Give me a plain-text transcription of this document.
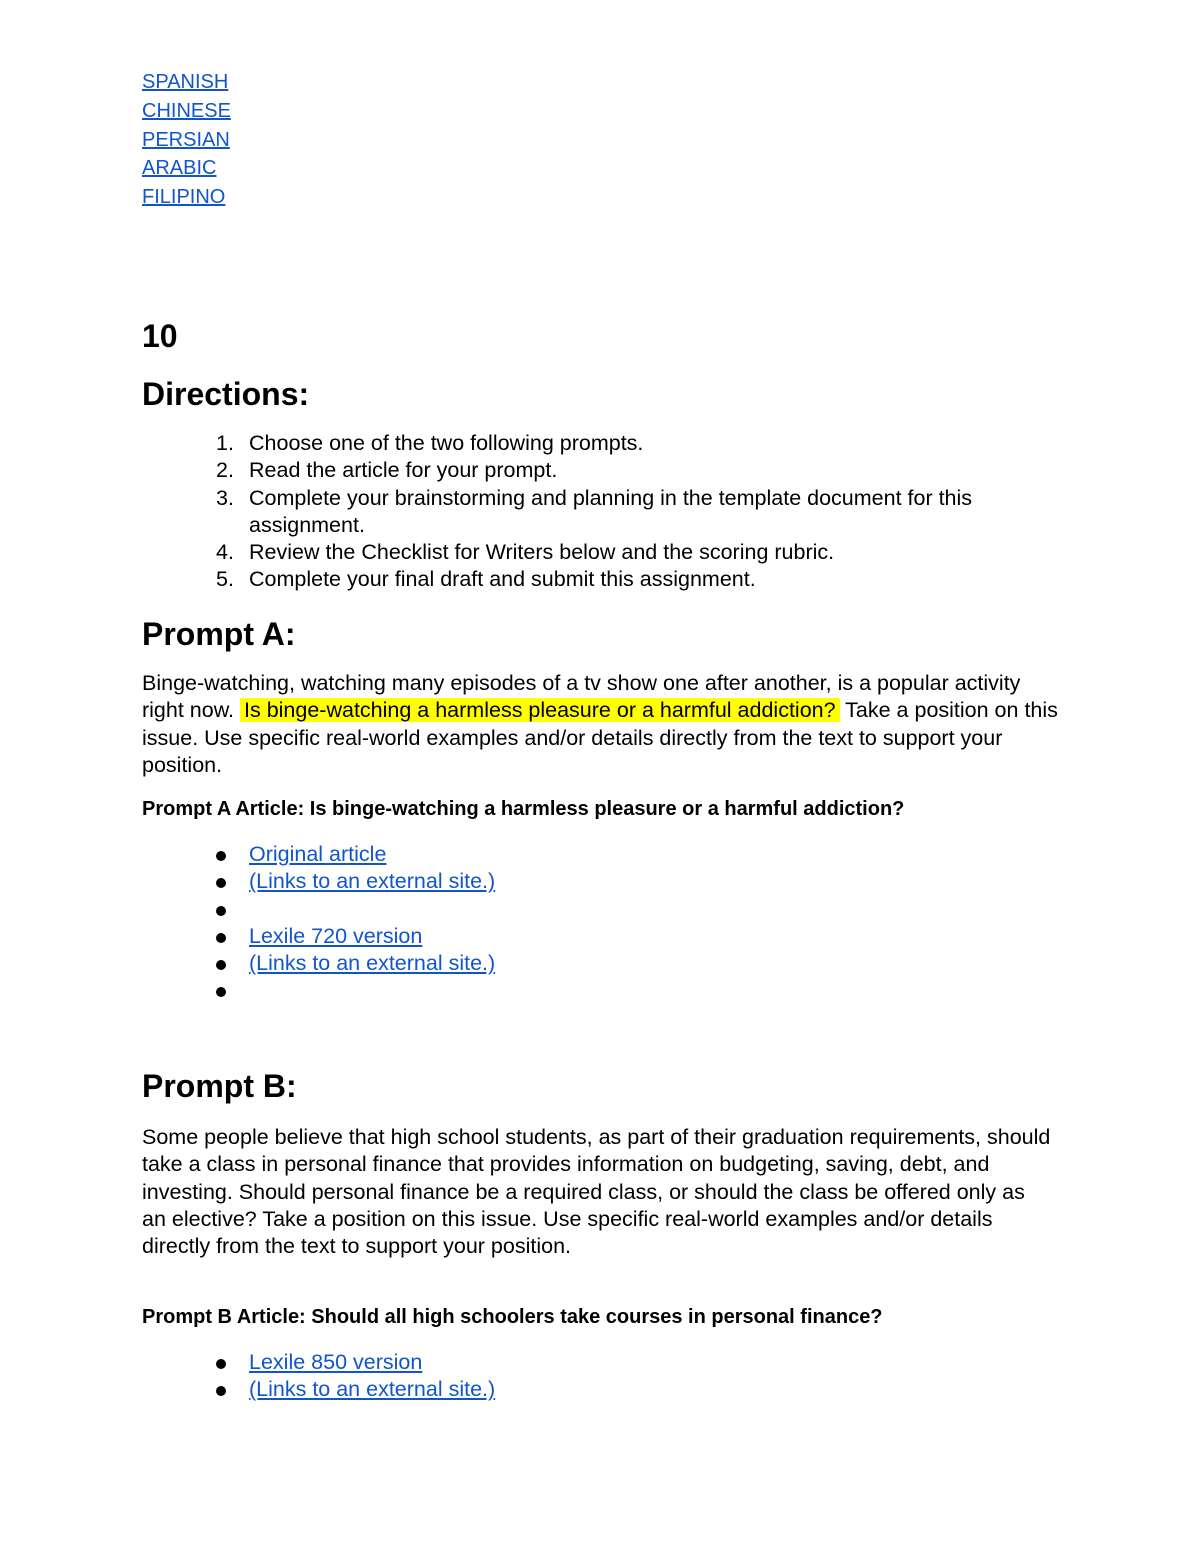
SPANISH
CHINESE
PERSIAN
ARABIC
FILIPINO
10
Directions:
1. Choose one of the two following prompts.
2. Read the article for your prompt.
3. Complete your brainstorming and planning in the template document for this assignment.
4. Review the Checklist for Writers below and the scoring rubric.
5. Complete your final draft and submit this assignment.
Prompt A:

Binge-watching, watching many episodes of a tv show one after another, is a popular activity right now. Is binge-watching a harmless pleasure or a harmful addiction? Take a position on this issue. Use specific real-world examples and/or details directly from the text to support your position.

Prompt A Article: Is binge-watching a harmless pleasure or a harmful addiction?

Original article
(Links to an external site.)
Lexile 720 version
(Links to an external site.)
Prompt B:

Some people believe that high school students, as part of their graduation requirements, should take a class in personal finance that provides information on budgeting, saving, debt, and investing. Should personal finance be a required class, or should the class be offered only as an elective? Take a position on this issue. Use specific real-world examples and/or details directly from the text to support your position.

Prompt B Article: Should all high schoolers take courses in personal finance?

Lexile 850 version
(Links to an external site.)
